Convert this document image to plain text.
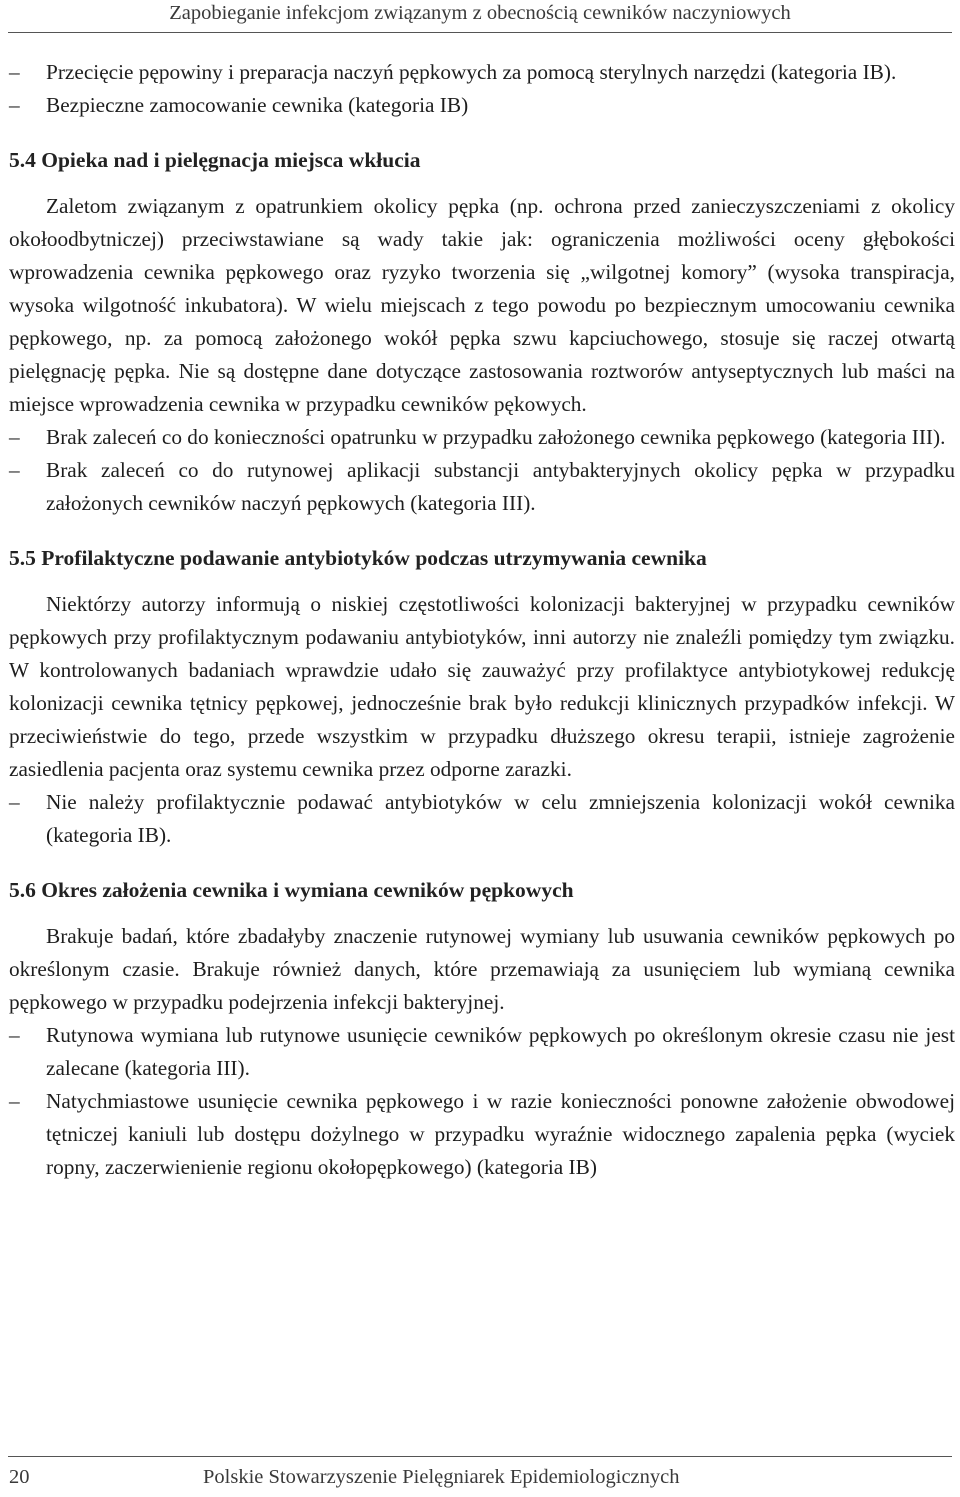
Zapobieganie infekcjom związanym z obecnością cewników naczyniowych
– Przecięcie pępowiny i preparacja naczyń pępkowych za pomocą sterylnych narzędzi (kategoria IB).
– Bezpieczne zamocowanie cewnika (kategoria IB)
5.4 Opieka nad i pielęgnacja miejsca wkłucia

Zaletom związanym z opatrunkiem okolicy pępka (np. ochrona przed zanieczyszczeniami z okolicy okołoodbytniczej) przeciwstawiane są wady takie jak: ograniczenia możliwości oceny głębokości wprowadzenia cewnika pępkowego oraz ryzyko tworzenia się „wilgotnej komory” (wysoka transpiracja, wysoka wilgotność inkubatora). W wielu miejscach z tego powodu po bezpiecznym umocowaniu cewnika pępkowego, np. za pomocą założonego wokół pępka szwu kapciuchowego, stosuje się raczej otwartą pielęgnację pępka. Nie są dostępne dane dotyczące zastosowania roztworów antyseptycznych lub maści na miejsce wprowadzenia cewnika w przypadku cewników pękowych.

– Brak zaleceń co do konieczności opatrunku w przypadku założonego cewnika pępkowego (kategoria III).
– Brak zaleceń co do rutynowej aplikacji substancji antybakteryjnych okolicy pępka w przypadku założonych cewników naczyń pępkowych (kategoria III).
5.5 Profilaktyczne podawanie antybiotyków podczas utrzymywania cewnika

Niektórzy autorzy informują o niskiej częstotliwości kolonizacji bakteryjnej w przypadku cewników pępkowych przy profilaktycznym podawaniu antybiotyków, inni autorzy nie znaleźli pomiędzy tym związku. W kontrolowanych badaniach wprawdzie udało się zauważyć przy profilaktyce antybiotykowej redukcję kolonizacji cewnika tętnicy pępkowej, jednocześnie brak było redukcji klinicznych przypadków infekcji. W przeciwieństwie do tego, przede wszystkim w przypadku dłuższego okresu terapii, istnieje zagrożenie zasiedlenia pacjenta oraz systemu cewnika przez odporne zarazki.

– Nie należy profilaktycznie podawać antybiotyków w celu zmniejszenia kolonizacji wokół cewnika (kategoria IB).
5.6 Okres założenia cewnika i wymiana cewników pępkowych

Brakuje badań, które zbadałyby znaczenie rutynowej wymiany lub usuwania cewników pępkowych po określonym czasie. Brakuje również danych, które przemawiają za usunięciem lub wymianą cewnika pępkowego w przypadku podejrzenia infekcji bakteryjnej.

– Rutynowa wymiana lub rutynowe usunięcie cewników pępkowych po określonym okresie czasu nie jest zalecane (kategoria III).
– Natychmiastowe usunięcie cewnika pępkowego i w razie konieczności ponowne założenie obwodowej tętniczej kaniuli lub dostępu dożylnego w przypadku wyraźnie widocznego zapalenia pępka (wyciek ropny, zaczerwienienie regionu okołopępkowego) (kategoria IB)
20	Polskie Stowarzyszenie Pielęgniarek Epidemiologicznych
